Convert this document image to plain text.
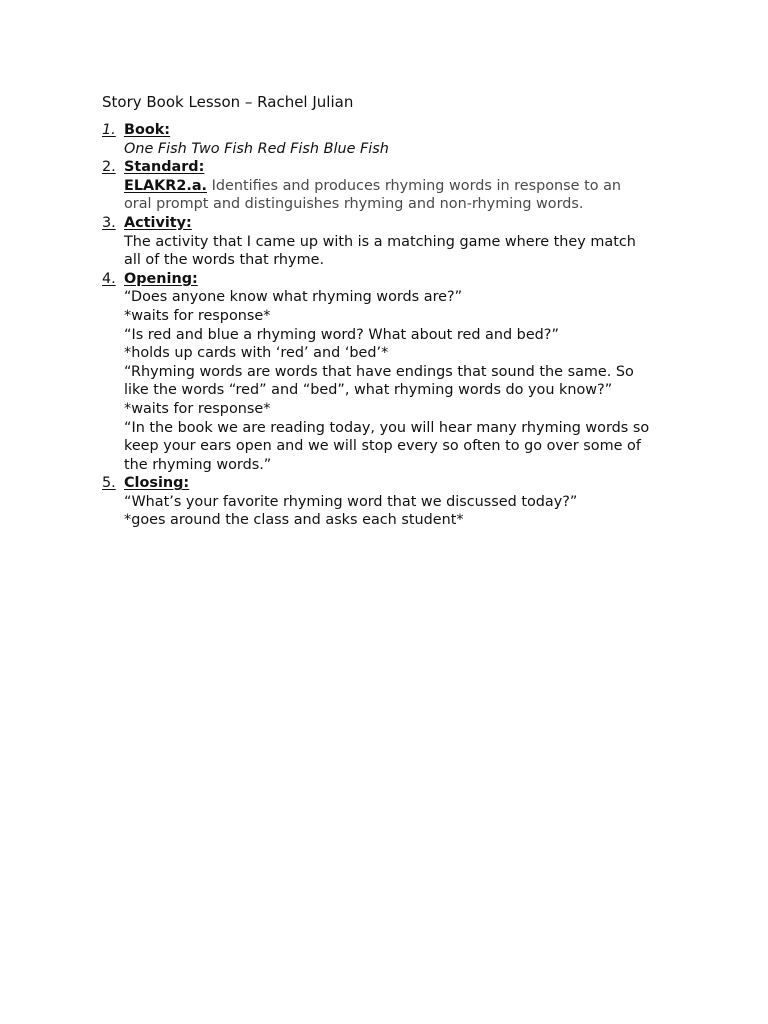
Story Book Lesson – Rachel Julian
1. Book:
One Fish Two Fish Red Fish Blue Fish
2. Standard:
ELAKR2.a. Identifies and produces rhyming words in response to an
oral prompt and distinguishes rhyming and non-rhyming words.
3. Activity:
The activity that I came up with is a matching game where they match
all of the words that rhyme.
4. Opening:
“Does anyone know what rhyming words are?”
*waits for response*
“Is red and blue a rhyming word? What about red and bed?”
*holds up cards with ‘red’ and ‘bed’*
“Rhyming words are words that have endings that sound the same. So
like the words “red” and “bed”, what rhyming words do you know?”
*waits for response*
“In the book we are reading today, you will hear many rhyming words so
keep your ears open and we will stop every so often to go over some of
the rhyming words.”
5. Closing:
“What’s your favorite rhyming word that we discussed today?”
*goes around the class and asks each student*
